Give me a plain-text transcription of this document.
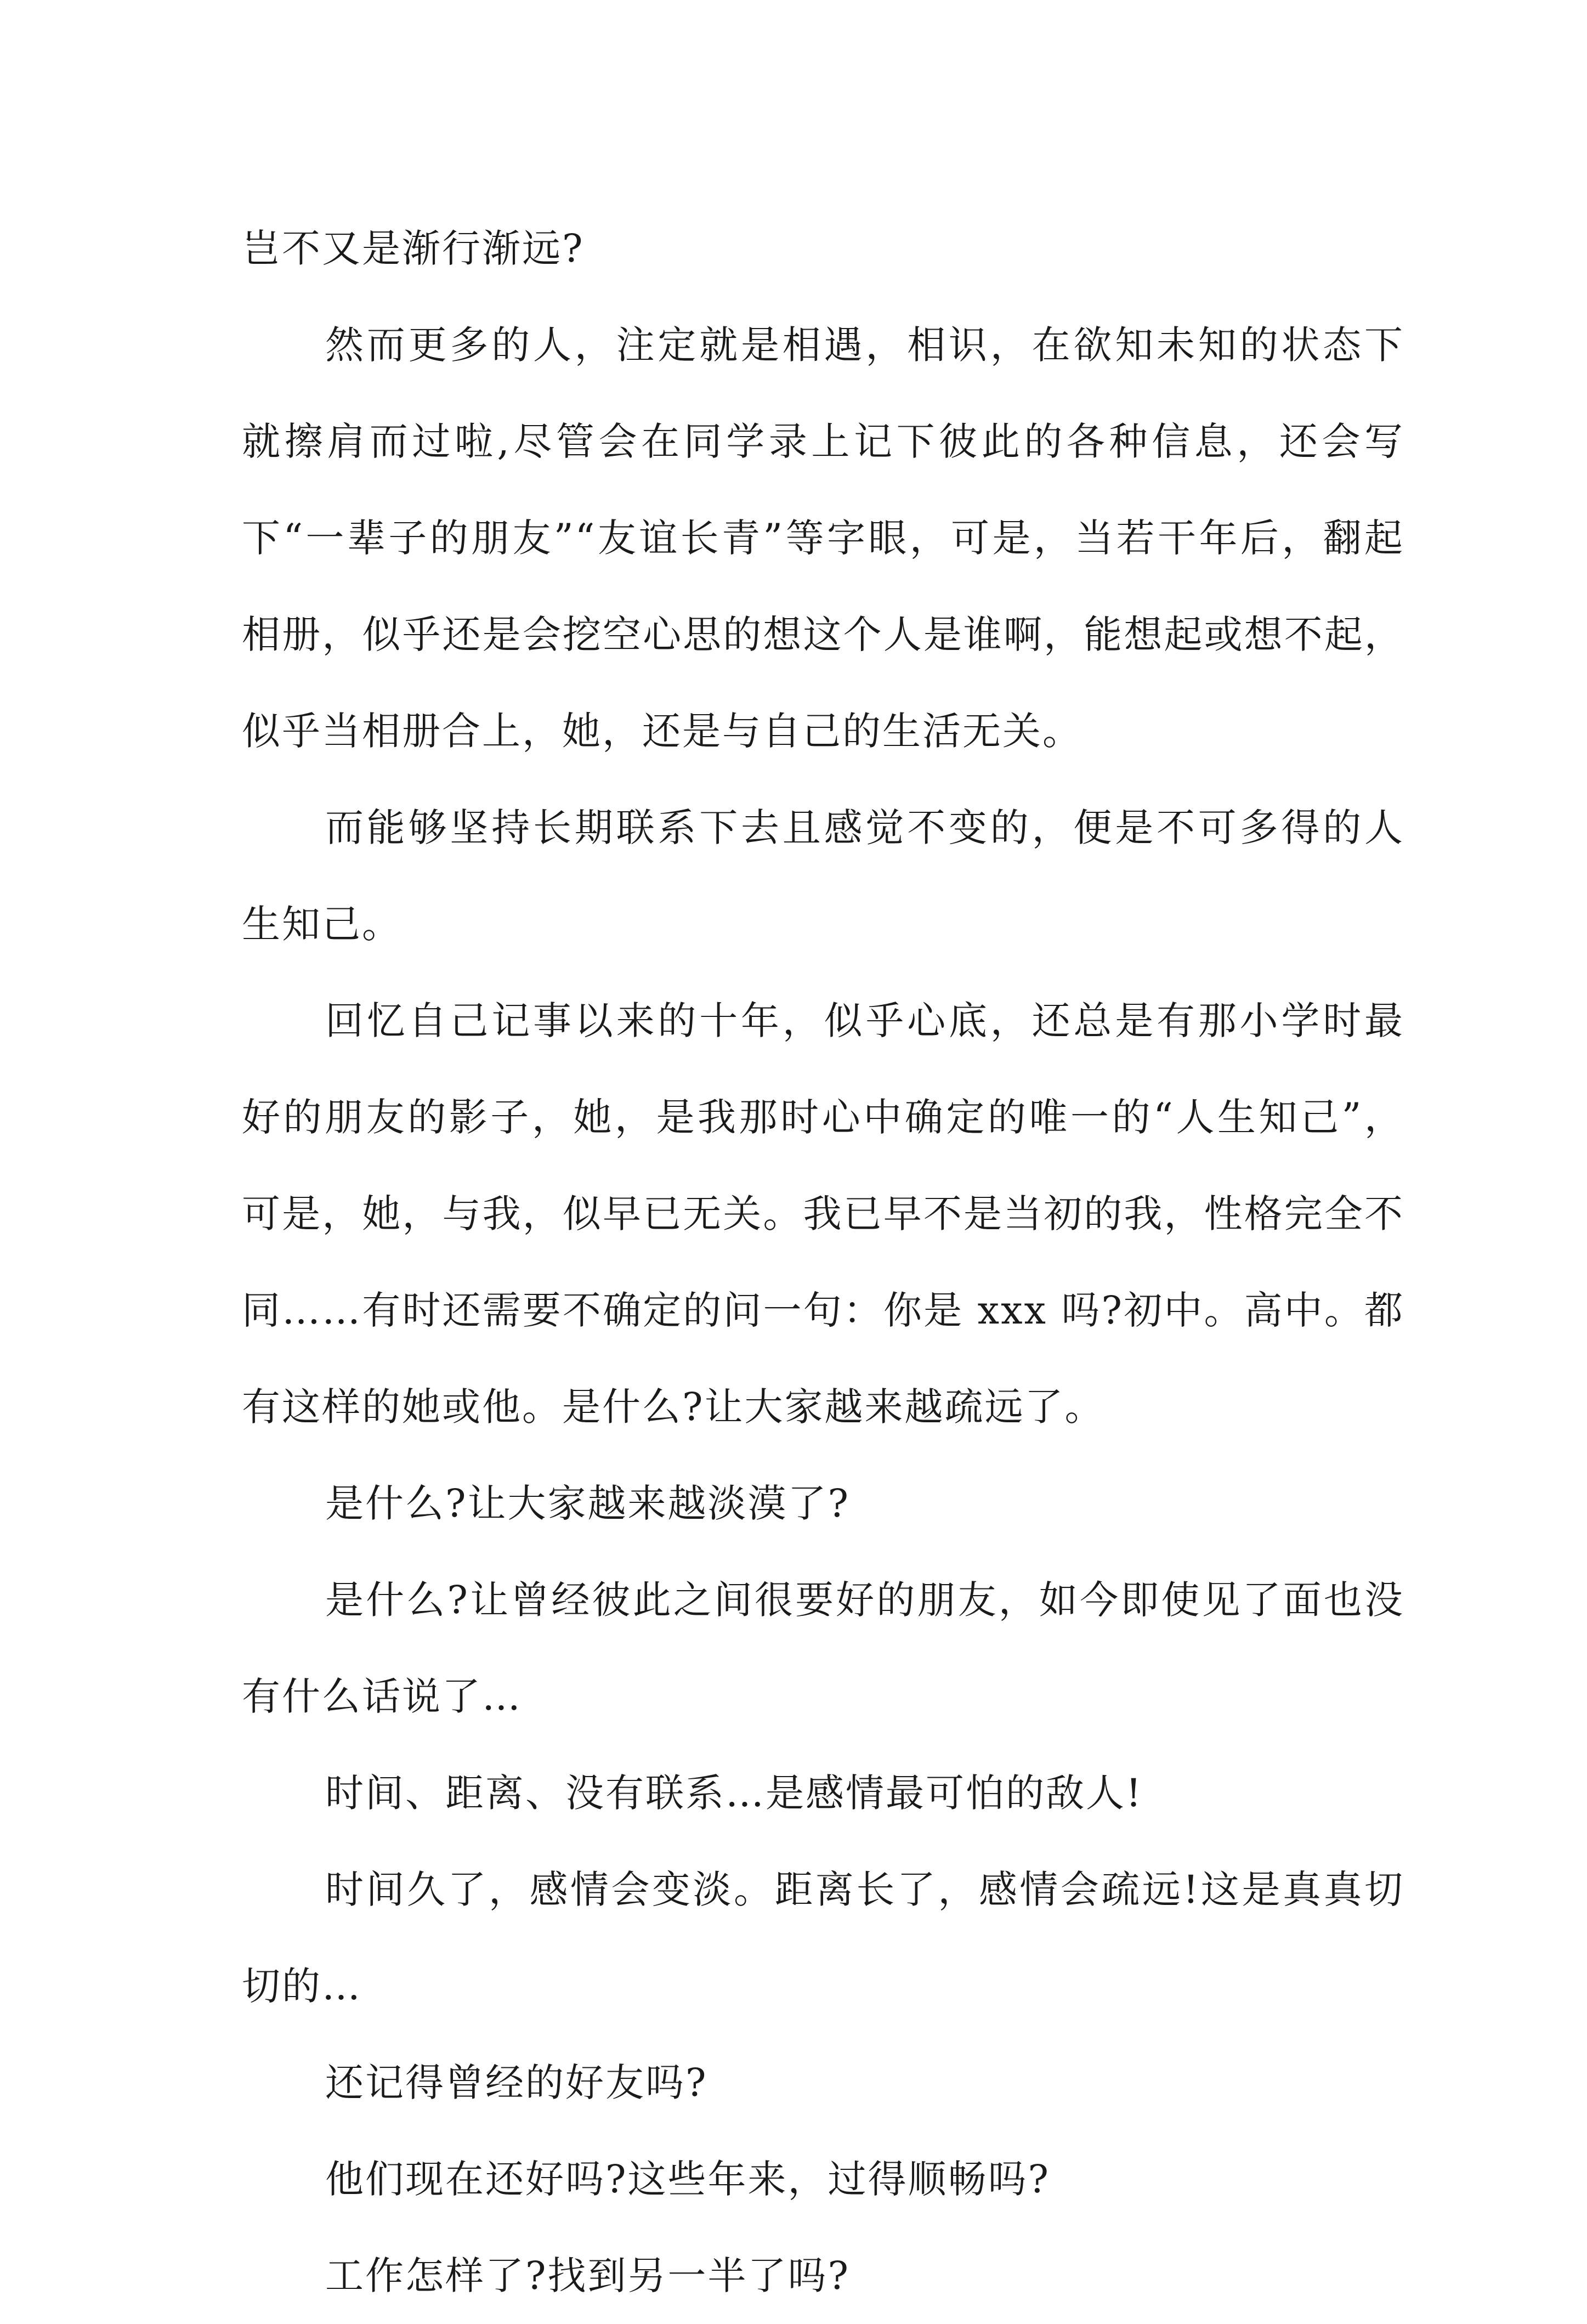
岂不又是渐行渐远?

然而更多的人，注定就是相遇，相识，在欲知未知的状态下就擦肩而过啦,尽管会在同学录上记下彼此的各种信息，还会写下“一辈子的朋友”“友谊长青”等字眼，可是，当若干年后，翻起相册，似乎还是会挖空心思的想这个人是谁啊，能想起或想不起，似乎当相册合上，她，还是与自己的生活无关。

而能够坚持长期联系下去且感觉不变的，便是不可多得的人生知己。

回忆自己记事以来的十年，似乎心底，还总是有那小学时最好的朋友的影子，她，是我那时心中确定的唯一的“人生知己”，可是，她，与我，似早已无关。我已早不是当初的我，性格完全不同……有时还需要不确定的问一句：你是 xxx 吗?初中。高中。都有这样的她或他。是什么?让大家越来越疏远了。

是什么?让大家越来越淡漠了?

是什么?让曾经彼此之间很要好的朋友，如今即使见了面也没有什么话说了…

时间、距离、没有联系…是感情最可怕的敌人!

时间久了，感情会变淡。距离长了，感情会疏远!这是真真切切的…

还记得曾经的好友吗?

他们现在还好吗?这些年来，过得顺畅吗?

工作怎样了?找到另一半了吗?
